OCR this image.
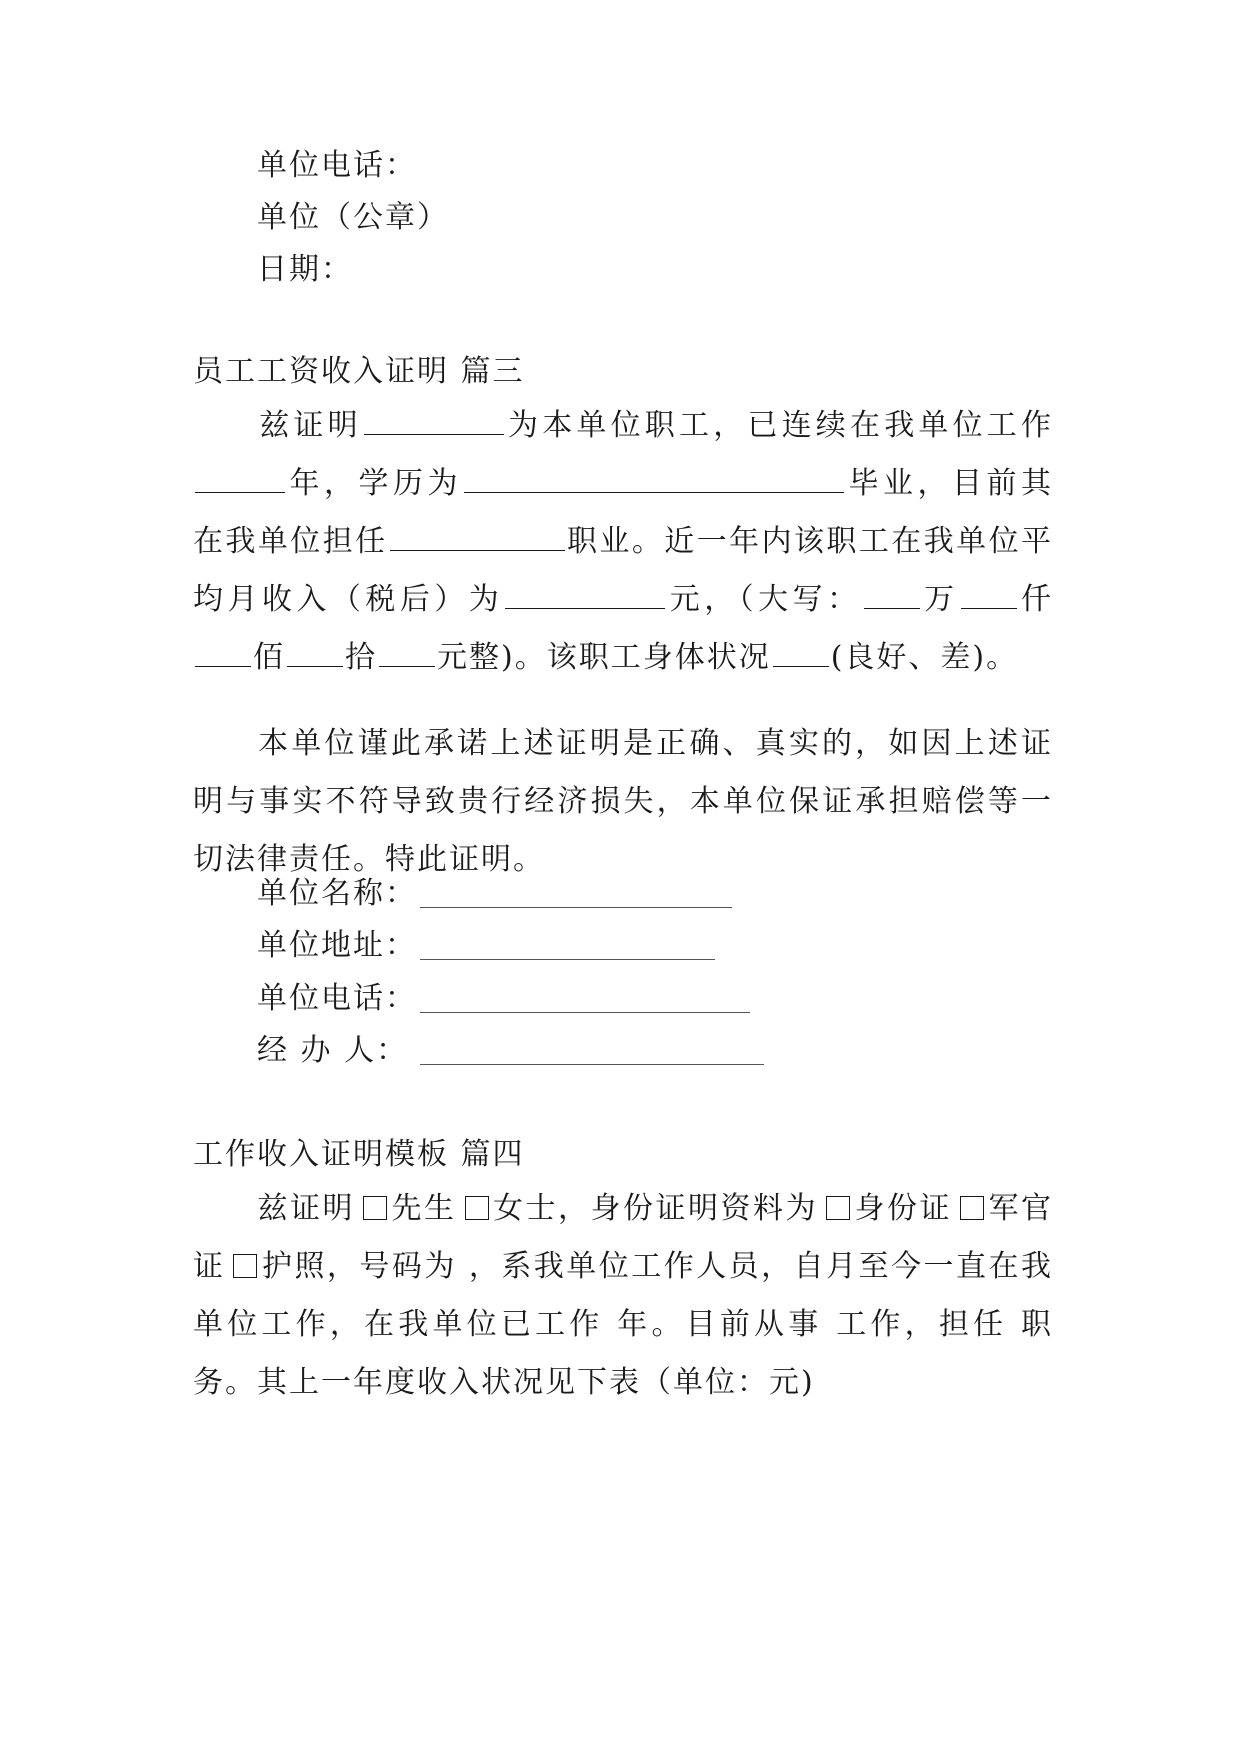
单位电话：
单位（公章）
日期：
员工工资收入证明 篇三
兹证明	为本单位职工，已连续在我单位工作年，学历为	毕业，目前其在我单位担任	职业。近一年内该职工在我单位平均月收入（税后）为	元，（大写： 万 仟佰 拾 元整)。该职工身体状况 (良好、差)。
本单位谨此承诺上述证明是正确、真实的，如因上述证明与事实不符导致贵行经济损失，本单位保证承担赔偿等一切法律责任。特此证明。
单位名称：
单位地址：
单位电话：
经 办 人：
工作收入证明模板 篇四
兹证明 先生 女士，身份证明资料为 身份证 军官证 护照，号码为 ，系我单位工作人员，自月至今一直在我单位工作，在我单位已工作 年。目前从事 工作，担任 职务。其上一年度收入状况见下表（单位：元)
